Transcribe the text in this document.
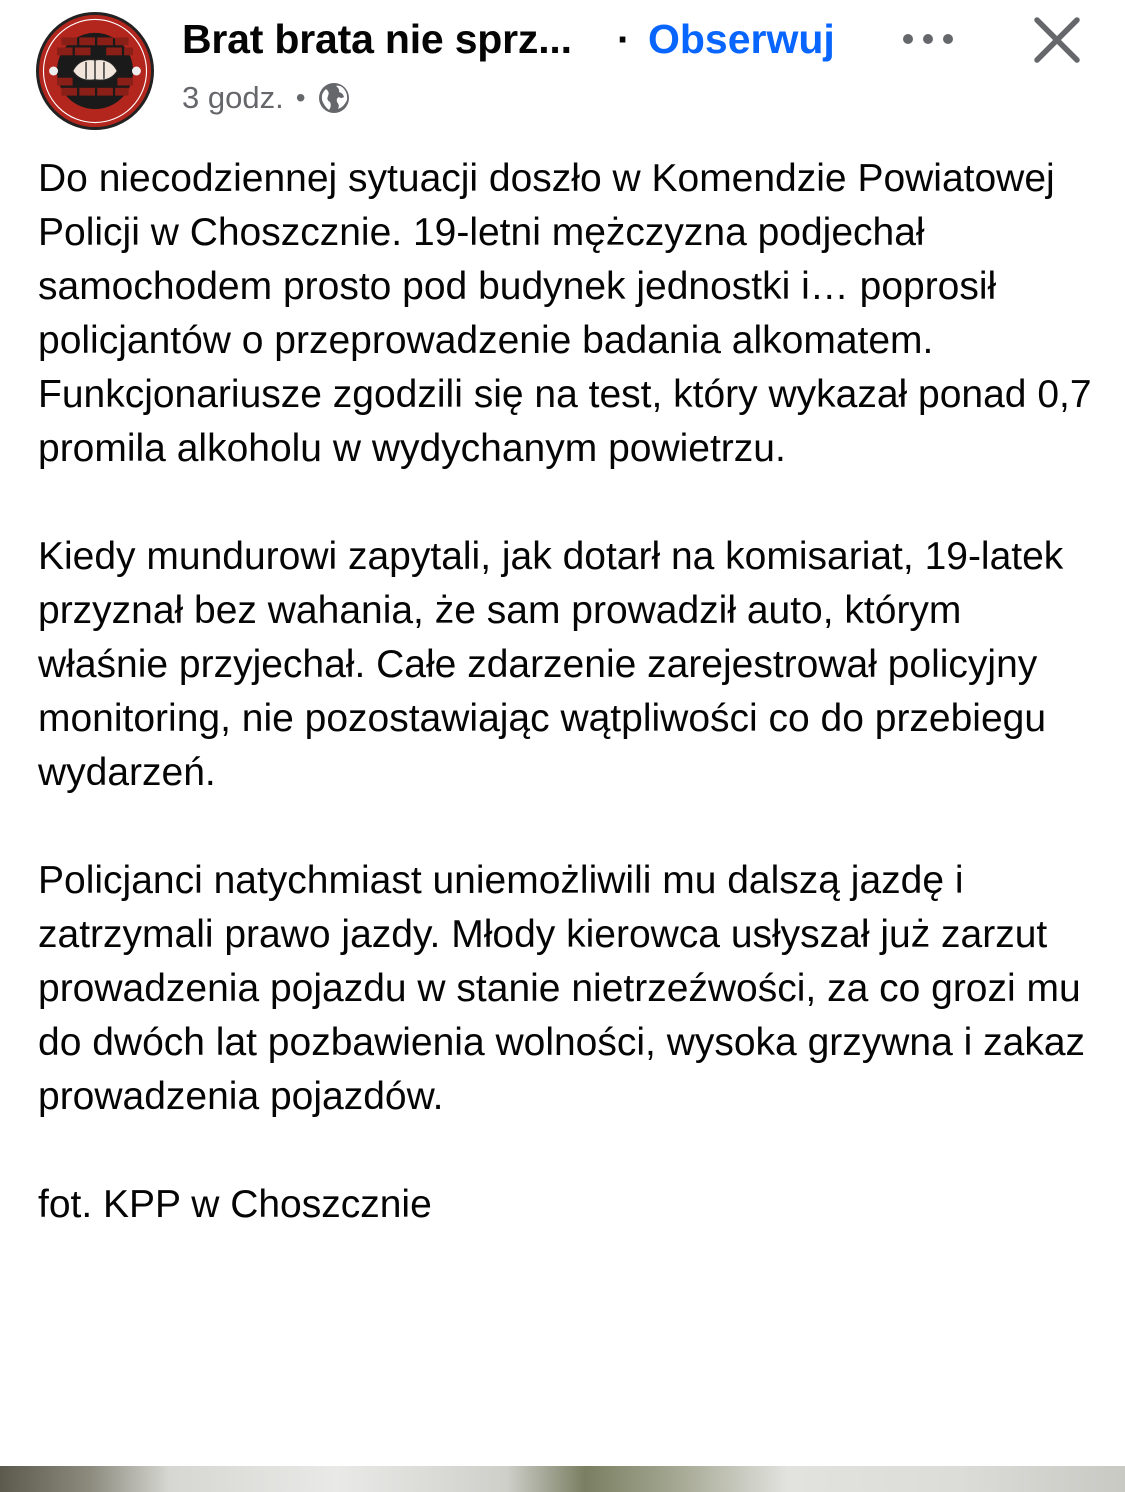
Brat brata nie sprz... · Obserwuj
3 godz. •

Do niecodziennej sytuacji doszło w Komendzie Powiatowej Policji w Choszcznie. 19-letni mężczyzna podjechał samochodem prosto pod budynek jednostki i… poprosił policjantów o przeprowadzenie badania alkomatem. Funkcjonariusze zgodzili się na test, który wykazał ponad 0,7 promila alkoholu w wydychanym powietrzu.

Kiedy mundurowi zapytali, jak dotarł na komisariat, 19-latek przyznał bez wahania, że sam prowadził auto, którym właśnie przyjechał. Całe zdarzenie zarejestrował policyjny monitoring, nie pozostawiając wątpliwości co do przebiegu wydarzeń.

Policjanci natychmiast uniemożliwili mu dalszą jazdę i zatrzymali prawo jazdy. Młody kierowca usłyszał już zarzut prowadzenia pojazdu w stanie nietrzeźwości, za co grozi mu do dwóch lat pozbawienia wolności, wysoka grzywna i zakaz prowadzenia pojazdów.

fot. KPP w Choszcznie
